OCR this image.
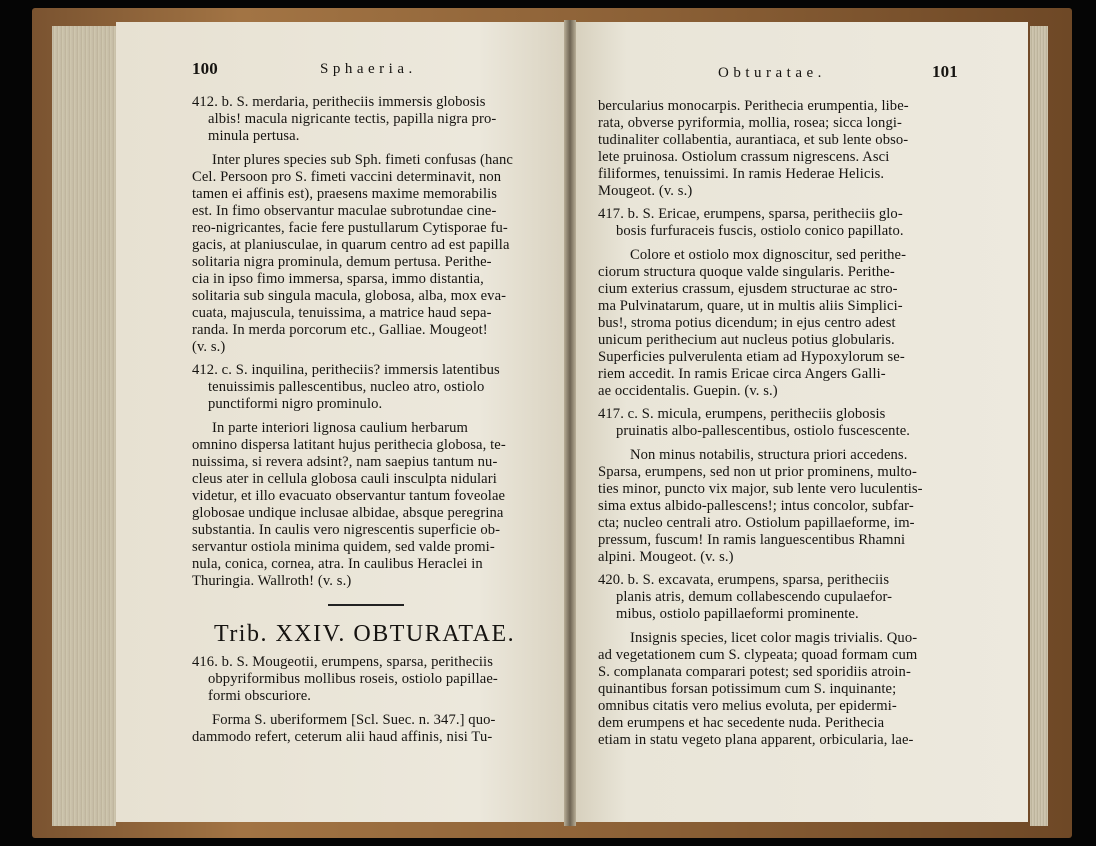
100	Sphaeria.
412. b. S. merdaria, peritheciis immersis globosis
albis! macula nigricante tectis, papilla nigra pro-
minula pertusa.
Inter plures species sub Sph. fimeti confusas (hanc
Cel. Persoon pro S. fimeti vaccini determinavit, non
tamen ei affinis est), praesens maxime memorabilis
est. In fimo observantur maculae subrotundae cine-
reo-nigricantes, facie fere pustullarum Cytisporae fu-
gacis, at planiusculae, in quarum centro ad est papilla
solitaria nigra prominula, demum pertusa. Perithe-
cia in ipso fimo immersa, sparsa, immo distantia,
solitaria sub singula macula, globosa, alba, mox eva-
cuata, majuscula, tenuissima, a matrice haud sepa-
randa. In merda porcorum etc., Galliae. Mougeot!
(v. s.)
412. c. S. inquilina, peritheciis? immersis latentibus
tenuissimis pallescentibus, nucleo atro, ostiolo
punctiformi nigro prominulo.
In parte interiori lignosa caulium herbarum
omnino dispersa latitant hujus perithecia globosa, te-
nuissima, si revera adsint?, nam saepius tantum nu-
cleus ater in cellula globosa cauli insculpta nidulari
videtur, et illo evacuato observantur tantum foveolae
globosae undique inclusae albidae, absque peregrina
substantia. In caulis vero nigrescentis superficie ob-
servantur ostiola minima quidem, sed valde promi-
nula, conica, cornea, atra. In caulibus Heraclei in
Thuringia. Wallroth! (v. s.)
Trib. XXIV. OBTURATAE.
416. b. S. Mougeotii, erumpens, sparsa, peritheciis
obpyriformibus mollibus roseis, ostiolo papillae-
formi obscuriore.
Forma S. uberiformem [Scl. Suec. n. 347.] quo-
dammodo refert, ceterum alii haud affinis, nisi Tu-
Obturatae.	101
bercularius monocarpis. Perithecia erumpentia, libe-
rata, obverse pyriformia, mollia, rosea; sicca longi-
tudinaliter collabentia, aurantiaca, et sub lente obso-
lete pruinosa. Ostiolum crassum nigrescens. Asci
filiformes, tenuissimi. In ramis Hederae Helicis.
Mougeot. (v. s.)
417. b. S. Ericae, erumpens, sparsa, peritheciis glo-
bosis furfuraceis fuscis, ostiolo conico papillato.
Colore et ostiolo mox dignoscitur, sed perithe-
ciorum structura quoque valde singularis. Perithe-
cium exterius crassum, ejusdem structurae ac stro-
ma Pulvinatarum, quare, ut in multis aliis Simplici-
bus!, stroma potius dicendum; in ejus centro adest
unicum perithecium aut nucleus potius globularis.
Superficies pulverulenta etiam ad Hypoxylorum se-
riem accedit. In ramis Ericae circa Angers Galli-
ae occidentalis. Guepin. (v. s.)
417. c. S. micula, erumpens, peritheciis globosis
pruinatis albo-pallescentibus, ostiolo fuscescente.
Non minus notabilis, structura priori accedens.
Sparsa, erumpens, sed non ut prior prominens, multo-
ties minor, puncto vix major, sub lente vero luculentis-
sima extus albido-pallescens!; intus concolor, subfar-
cta; nucleo centrali atro. Ostiolum papillaeforme, im-
pressum, fuscum! In ramis languescentibus Rhamni
alpini. Mougeot. (v. s.)
420. b. S. excavata, erumpens, sparsa, peritheciis
planis atris, demum collabescendo cupulaefor-
mibus, ostiolo papillaeformi prominente.
Insignis species, licet color magis trivialis. Quo-
ad vegetationem cum S. clypeata; quoad formam cum
S. complanata comparari potest; sed sporidiis atroin-
quinantibus forsan potissimum cum S. inquinante;
omnibus citatis vero melius evoluta, per epidermi-
dem erumpens et hac secedente nuda. Perithecia
etiam in statu vegeto plana apparent, orbicularia, lae-
